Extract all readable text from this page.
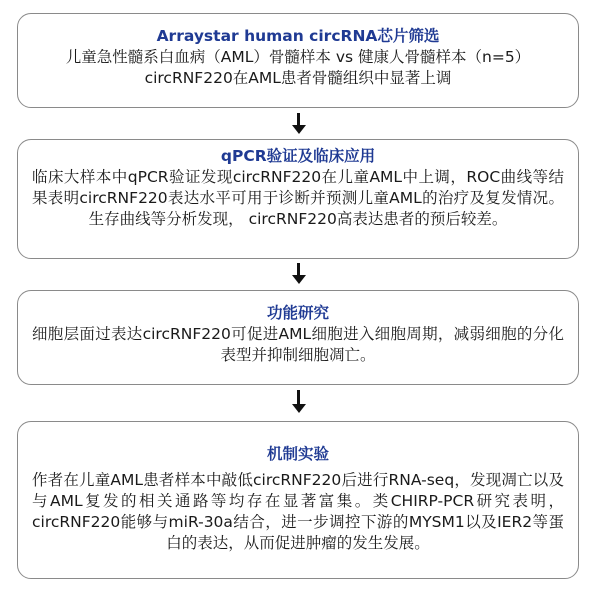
Arraystar human circRNA芯片筛选

儿童急性髓系白血病（AML）骨髓样本 vs 健康人骨髓样本（n=5）

circRNF220在AML患者骨髓组织中显著上调

qPCR验证及临床应用

临床大样本中qPCR验证发现circRNF220在儿童AML中上调，ROC曲线等结果表明circRNF220表达水平可用于诊断并预测儿童AML的治疗及复发情况。生存曲线等分析发现， circRNF220高表达患者的预后较差。

功能研究

细胞层面过表达circRNF220可促进AML细胞进入细胞周期，减弱细胞的分化表型并抑制细胞凋亡。

机制实验

作者在儿童AML患者样本中敲低circRNF220后进行RNA-seq，发现凋亡以及与AML复发的相关通路等均存在显著富集。类CHIRP-PCR研究表明， circRNF220能够与miR-30a结合，进一步调控下游的MYSM1以及IER2等蛋白的表达，从而促进肿瘤的发生发展。
